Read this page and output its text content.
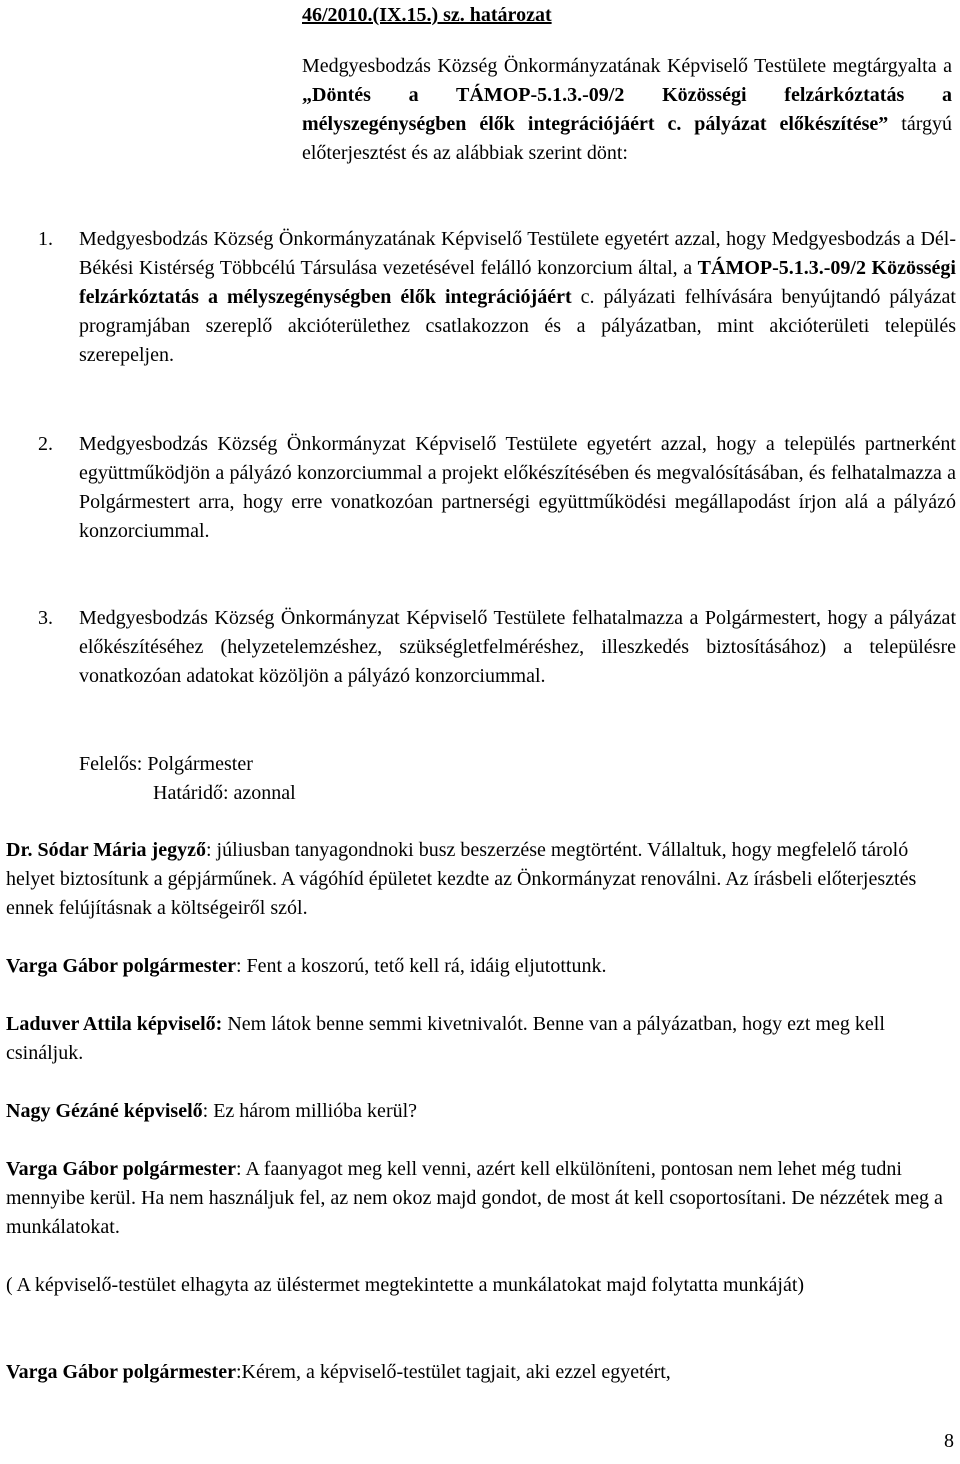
46/2010.(IX.15.) sz. határozat

Medgyesbodzás Község Önkormányzatának Képviselő Testülete megtárgyalta a „Döntés a TÁMOP-5.1.3.-09/2 Közösségi felzárkóztatás a mélyszegénységben élők integrációjáért c. pályázat előkészítése” tárgyú előterjesztést és az alábbiak szerint dönt:

1. Medgyesbodzás Község Önkormányzatának Képviselő Testülete egyetért azzal, hogy Medgyesbodzás a Dél-Békési Kistérség Többcélú Társulása vezetésével felálló konzorcium által, a TÁMOP-5.1.3.-09/2 Közösségi felzárkóztatás a mélyszegénységben élők integrációjáért c. pályázati felhívására benyújtandó pályázat programjában szereplő akcióterülethez csatlakozzon és a pályázatban, mint akcióterületi település szerepeljen.
2. Medgyesbodzás Község Önkormányzat Képviselő Testülete egyetért azzal, hogy a település partnerként együttműködjön a pályázó konzorciummal a projekt előkészítésében és megvalósításában, és felhatalmazza a Polgármestert arra, hogy erre vonatkozóan partnerségi együttműködési megállapodást írjon alá a pályázó konzorciummal.
3. Medgyesbodzás Község Önkormányzat Képviselő Testülete felhatalmazza a Polgármestert, hogy a pályázat előkészítéséhez (helyzetelemzéshez, szükségletfelméréshez, illeszkedés biztosításához) a településre vonatkozóan adatokat közöljön a pályázó konzorciummal.
Felelős: Polgármester
Határidő: azonnal

Dr. Sódar Mária jegyző: júliusban tanyagondnoki busz beszerzése megtörtént. Vállaltuk, hogy megfelelő tároló helyet biztosítunk a gépjárműnek. A vágóhíd épületet kezdte az Önkormányzat renoválni. Az írásbeli előterjesztés ennek felújításnak a költségeiről szól.

Varga Gábor polgármester: Fent a koszorú, tető kell rá, idáig eljutottunk.

Laduver Attila képviselő: Nem látok benne semmi kivetnivalót. Benne van a pályázatban, hogy ezt meg kell csináljuk.

Nagy Gézáné képviselő: Ez három millióba kerül?

Varga Gábor polgármester: A faanyagot meg kell venni, azért kell elkülöníteni, pontosan nem lehet még tudni mennyibe kerül. Ha nem használjuk fel, az nem okoz majd gondot, de most át kell csoportosítani. De nézzétek meg a munkálatokat.

( A képviselő-testület elhagyta az üléstermet megtekintette a munkálatokat majd folytatta munkáját)

Varga Gábor polgármester:Kérem, a képviselő-testület tagjait, aki ezzel egyetért,

8
